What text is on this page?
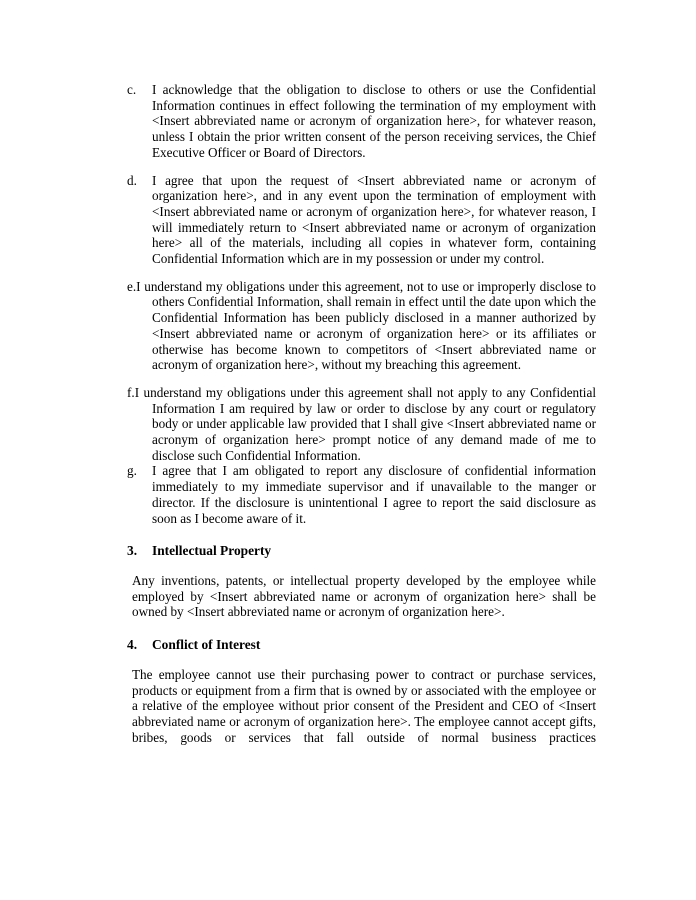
c. I acknowledge that the obligation to disclose to others or use the Confidential Information continues in effect following the termination of my employment with <Insert abbreviated name or acronym of organization here>, for whatever reason, unless I obtain the prior written consent of the person receiving services, the Chief Executive Officer or Board of Directors.
d. I agree that upon the request of <Insert abbreviated name or acronym of organization here>, and in any event upon the termination of employment with <Insert abbreviated name or acronym of organization here>, for whatever reason, I will immediately return to <Insert abbreviated name or acronym of organization here> all of the materials, including all copies in whatever form, containing Confidential Information which are in my possession or under my control.
e.I understand my obligations under this agreement, not to use or improperly disclose to others Confidential Information, shall remain in effect until the date upon which the Confidential Information has been publicly disclosed in a manner authorized by <Insert abbreviated name or acronym of organization here> or its affiliates or otherwise has become known to competitors of <Insert abbreviated name or acronym of organization here>, without my breaching this agreement.
f.I understand my obligations under this agreement shall not apply to any Confidential Information I am required by law or order to disclose by any court or regulatory body or under applicable law provided that I shall give <Insert abbreviated name or acronym of organization here> prompt notice of any demand made of me to disclose such Confidential Information.
g. I agree that I am obligated to report any disclosure of confidential information immediately to my immediate supervisor and if unavailable to the manger or director. If the disclosure is unintentional I agree to report the said disclosure as soon as I become aware of it.
3. Intellectual Property
Any inventions, patents, or intellectual property developed by the employee while employed by <Insert abbreviated name or acronym of organization here> shall be owned by <Insert abbreviated name or acronym of organization here>.
4. Conflict of Interest
The employee cannot use their purchasing power to contract or purchase services, products or equipment from a firm that is owned by or associated with the employee or a relative of the employee without prior consent of the President and CEO of <Insert abbreviated name or acronym of organization here>. The employee cannot accept gifts, bribes, goods or services that fall outside of normal business practices
